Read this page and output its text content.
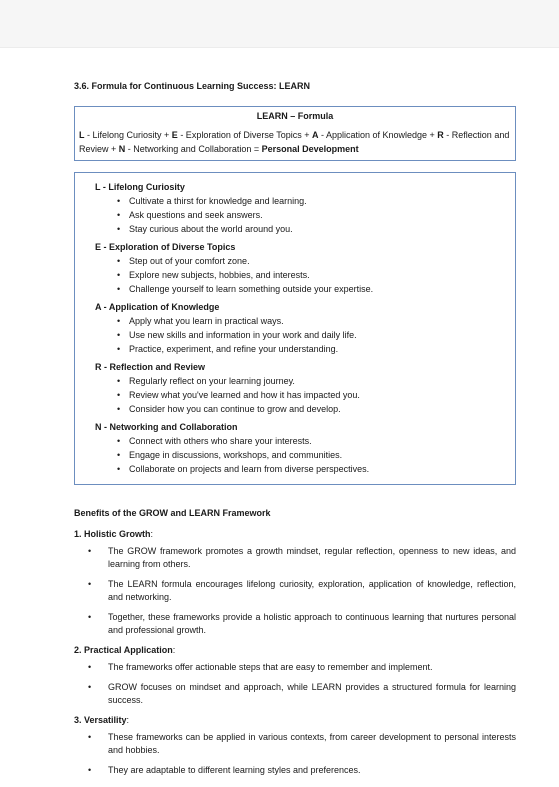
3.6. Formula for Continuous Learning Success: LEARN
LEARN – Formula
L - Lifelong Curiosity + E - Exploration of Diverse Topics + A - Application of Knowledge + R - Reflection and Review + N - Networking and Collaboration = Personal Development
L - Lifelong Curiosity
• Cultivate a thirst for knowledge and learning.
• Ask questions and seek answers.
• Stay curious about the world around you.
E - Exploration of Diverse Topics
• Step out of your comfort zone.
• Explore new subjects, hobbies, and interests.
• Challenge yourself to learn something outside your expertise.
A - Application of Knowledge
• Apply what you learn in practical ways.
• Use new skills and information in your work and daily life.
• Practice, experiment, and refine your understanding.
R - Reflection and Review
• Regularly reflect on your learning journey.
• Review what you've learned and how it has impacted you.
• Consider how you can continue to grow and develop.
N - Networking and Collaboration
• Connect with others who share your interests.
• Engage in discussions, workshops, and communities.
• Collaborate on projects and learn from diverse perspectives.
Benefits of the GROW and LEARN Framework
1. Holistic Growth:
• The GROW framework promotes a growth mindset, regular reflection, openness to new ideas, and learning from others.
• The LEARN formula encourages lifelong curiosity, exploration, application of knowledge, reflection, and networking.
• Together, these frameworks provide a holistic approach to continuous learning that nurtures personal and professional growth.
2. Practical Application:
• The frameworks offer actionable steps that are easy to remember and implement.
• GROW focuses on mindset and approach, while LEARN provides a structured formula for learning success.
3. Versatility:
• These frameworks can be applied in various contexts, from career development to personal interests and hobbies.
• They are adaptable to different learning styles and preferences.
